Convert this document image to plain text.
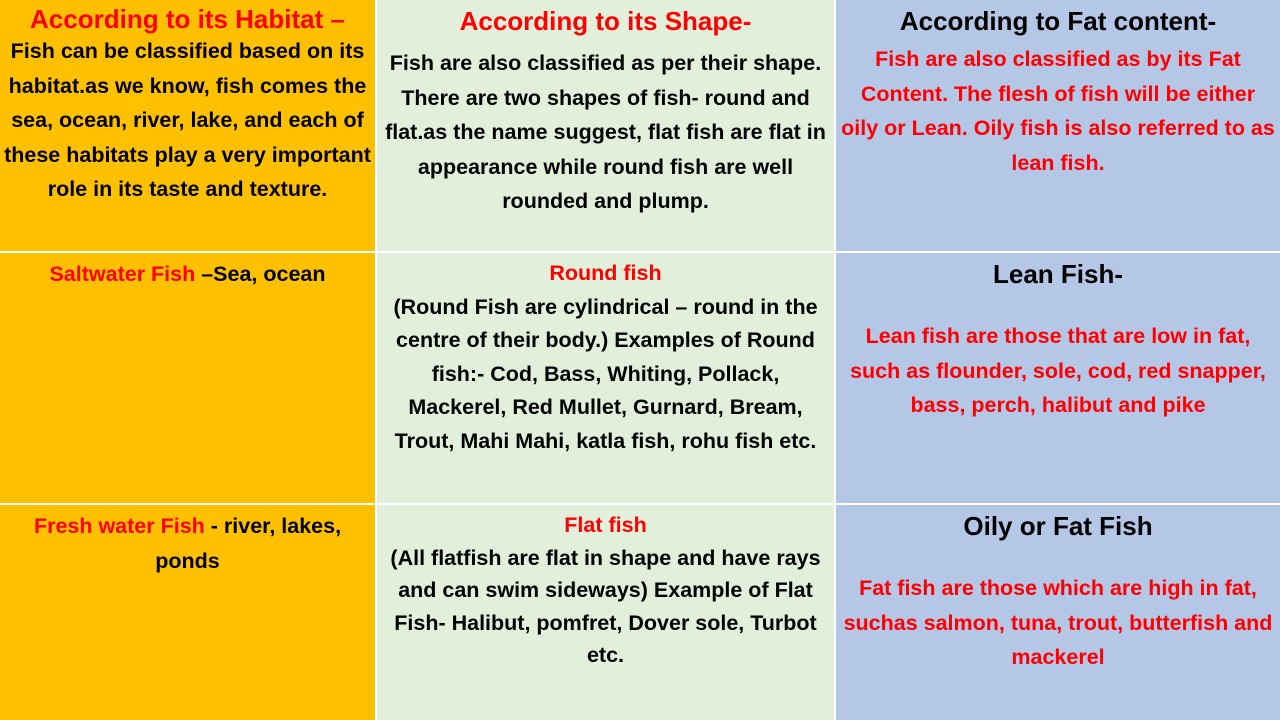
According to its Habitat –
Fish can be classified based on its habitat.as we know, fish comes the sea, ocean, river, lake, and each of these habitats play a very important role in its taste and texture.
According to its Shape-
Fish are also classified as per their shape. There are two shapes of fish- round and flat.as the name suggest, flat fish are flat in appearance while round fish are well rounded and plump.
According to Fat content-
Fish are also classified as by its Fat Content. The flesh of fish will be either oily or Lean. Oily fish is also referred to as lean fish.
Saltwater Fish –Sea, ocean	Round fish
(Round Fish are cylindrical – round in the centre of their body.) Examples of Round fish:- Cod, Bass, Whiting, Pollack, Mackerel, Red Mullet, Gurnard, Bream, Trout, Mahi Mahi, katla fish, rohu fish etc.
Lean Fish-
Lean fish are those that are low in fat, such as flounder, sole, cod, red snapper, bass, perch, halibut and pike
Fresh water Fish - river, lakes, ponds
Flat fish
(All flatfish are flat in shape and have rays and can swim sideways) Example of Flat Fish- Halibut, pomfret, Dover sole, Turbot etc.
Oily or Fat Fish
Fat fish are those which are high in fat, suchas salmon, tuna, trout, butterfish and mackerel
